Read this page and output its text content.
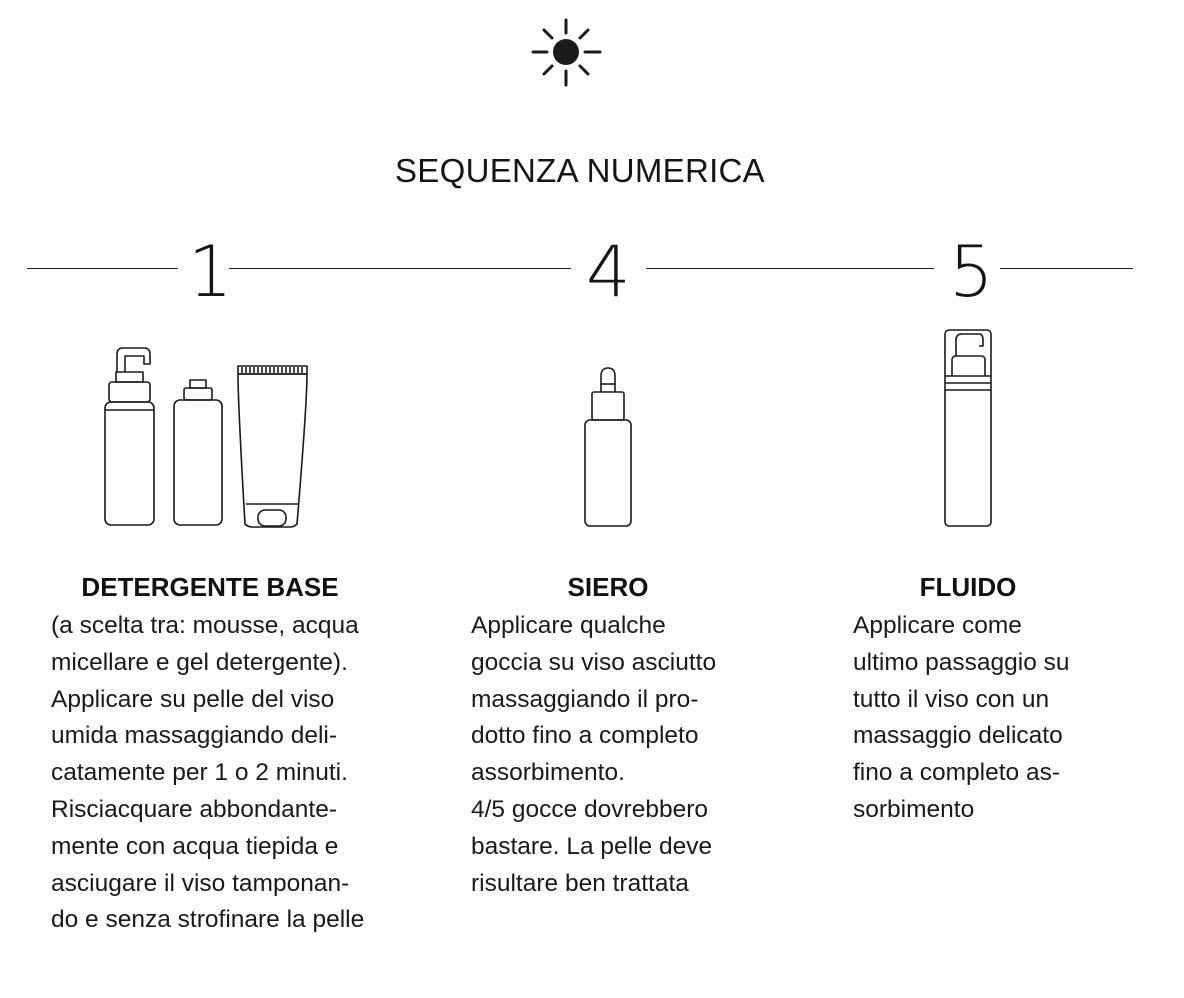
SEQUENZA NUMERICA
1	4	5
DETERGENTE BASE
(a scelta tra: mousse, acqua
micellare e gel detergente).
Applicare su pelle del viso
umida massaggiando deli-
catamente per 1 o 2 minuti.
Risciacquare abbondante-
mente con acqua tiepida e
asciugare il viso tamponan-
do e senza strofinare la pelle
SIERO
Applicare qualche
goccia su viso asciutto
massaggiando il pro-
dotto fino a completo
assorbimento.
4/5 gocce dovrebbero
bastare. La pelle deve
risultare ben trattata
FLUIDO
Applicare come
ultimo passaggio su
tutto il viso con un
massaggio delicato
fino a completo as-
sorbimento
